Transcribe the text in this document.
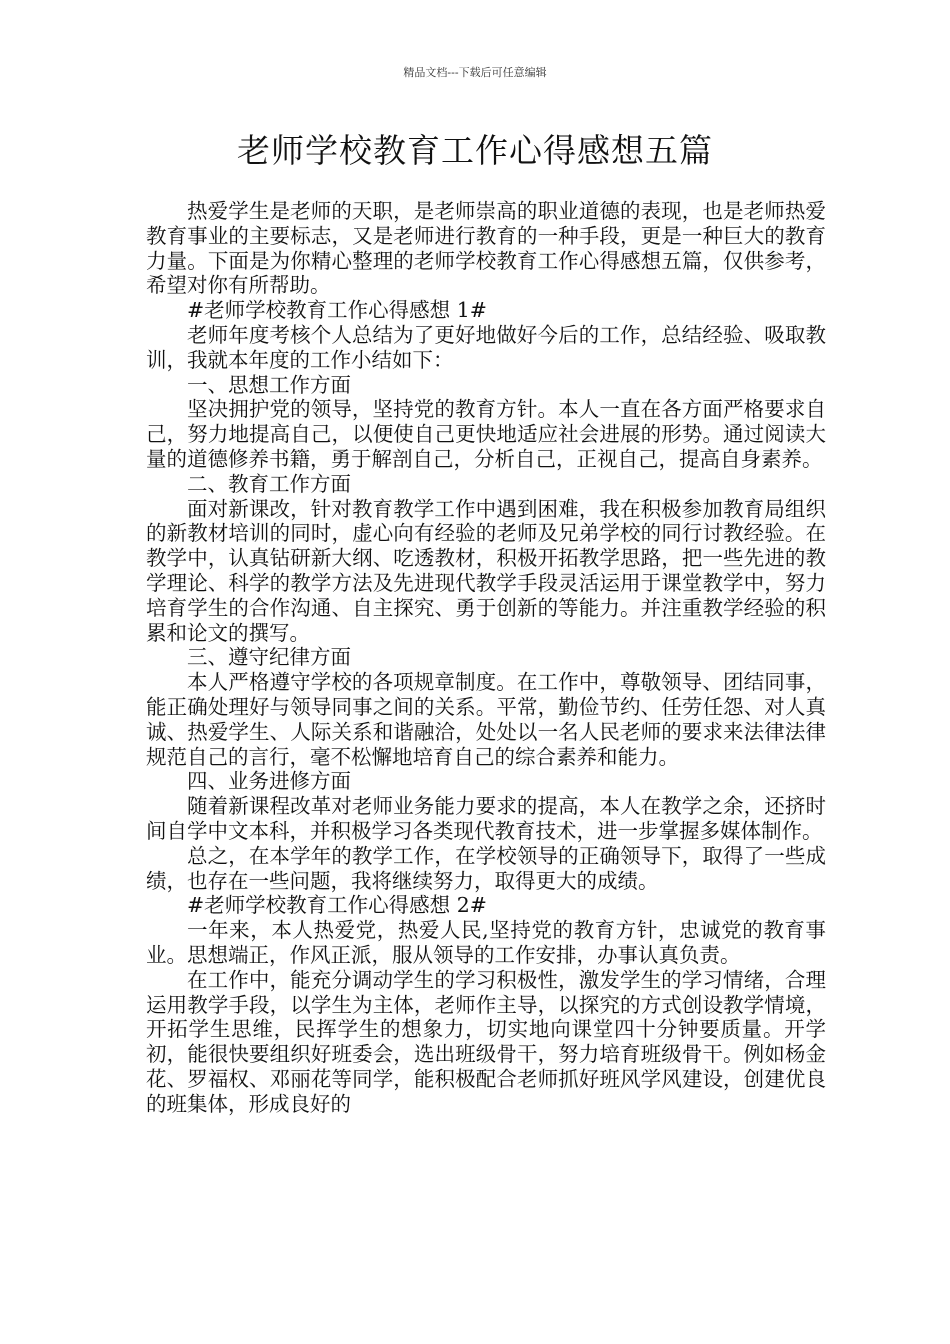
精品文档---下载后可任意编辑
老师学校教育工作心得感想五篇

热爱学生是老师的天职，是老师崇高的职业道德的表现，也是老师热爱教育事业的主要标志，又是老师进行教育的一种手段，更是一种巨大的教育力量。下面是为你精心整理的老师学校教育工作心得感想五篇，仅供参考，希望对你有所帮助。

#老师学校教育工作心得感想 1#

老师年度考核个人总结为了更好地做好今后的工作，总结经验、吸取教训，我就本年度的工作小结如下：

一、思想工作方面

坚决拥护党的领导，坚持党的教育方针。本人一直在各方面严格要求自己，努力地提高自己，以便使自己更快地适应社会进展的形势。通过阅读大量的道德修养书籍，勇于解剖自己，分析自己，正视自己，提高自身素养。

二、教育工作方面

面对新课改，针对教育教学工作中遇到困难，我在积极参加教育局组织的新教材培训的同时，虚心向有经验的老师及兄弟学校的同行讨教经验。在教学中，认真钻研新大纲、吃透教材，积极开拓教学思路，把一些先进的教学理论、科学的教学方法及先进现代教学手段灵活运用于课堂教学中，努力培育学生的合作沟通、自主探究、勇于创新的等能力。并注重教学经验的积累和论文的撰写。

三、遵守纪律方面

本人严格遵守学校的各项规章制度。在工作中，尊敬领导、团结同事，能正确处理好与领导同事之间的关系。平常，勤俭节约、任劳任怨、对人真诚、热爱学生、人际关系和谐融洽，处处以一名人民老师的要求来法律法律规范自己的言行，毫不松懈地培育自己的综合素养和能力。

四、业务进修方面

随着新课程改革对老师业务能力要求的提高，本人在教学之余，还挤时间自学中文本科，并积极学习各类现代教育技术，进一步掌握多媒体制作。

总之，在本学年的教学工作，在学校领导的正确领导下，取得了一些成绩，也存在一些问题，我将继续努力，取得更大的成绩。

#老师学校教育工作心得感想 2#

一年来，本人热爱党，热爱人民,坚持党的教育方针，忠诚党的教育事业。思想端正，作风正派，服从领导的工作安排，办事认真负责。

在工作中，能充分调动学生的学习积极性，激发学生的学习情绪，合理运用教学手段，以学生为主体，老师作主导，以探究的方式创设教学情境，开拓学生思维，民挥学生的想象力，切实地向课堂四十分钟要质量。开学初，能很快要组织好班委会，选出班级骨干，努力培育班级骨干。例如杨金花、罗福权、邓丽花等同学，能积极配合老师抓好班风学风建设，创建优良的班集体，形成良好的
